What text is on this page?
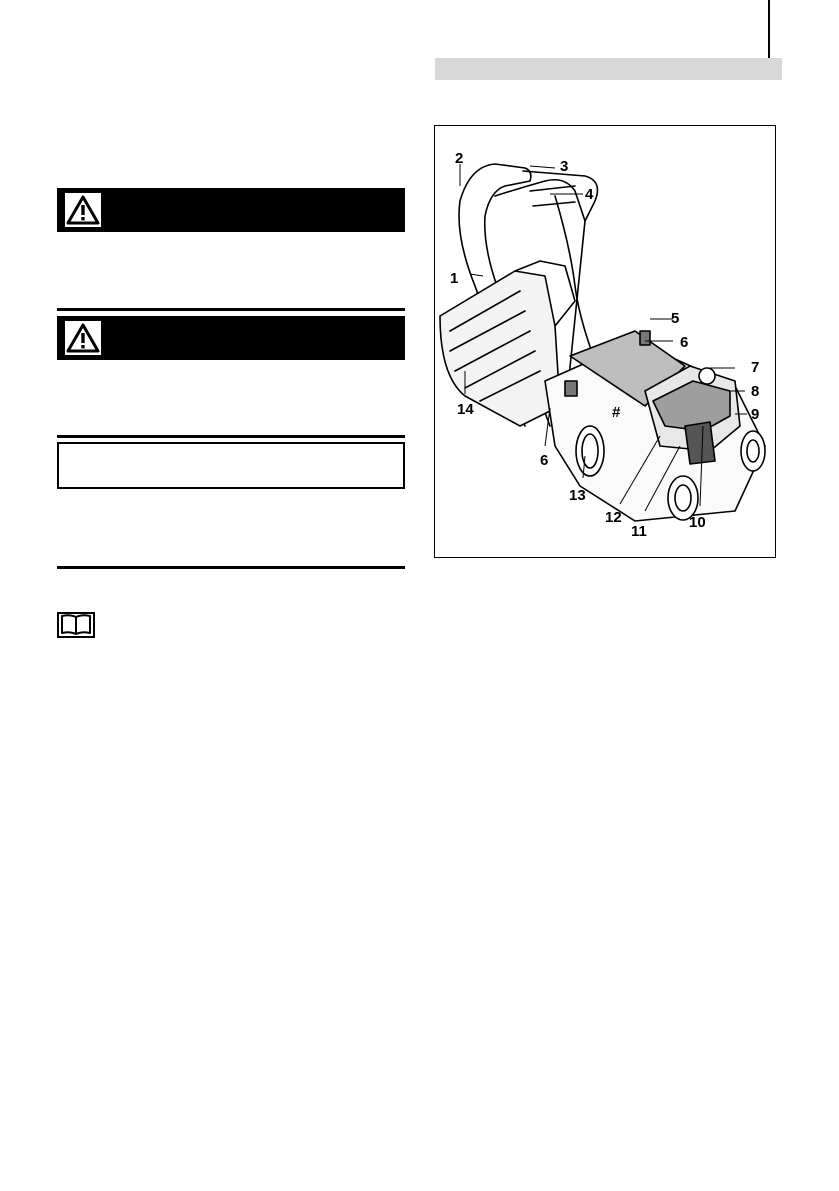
1
2	3
4
5
6
6
7
8
9
10
11
12
13
14	#
